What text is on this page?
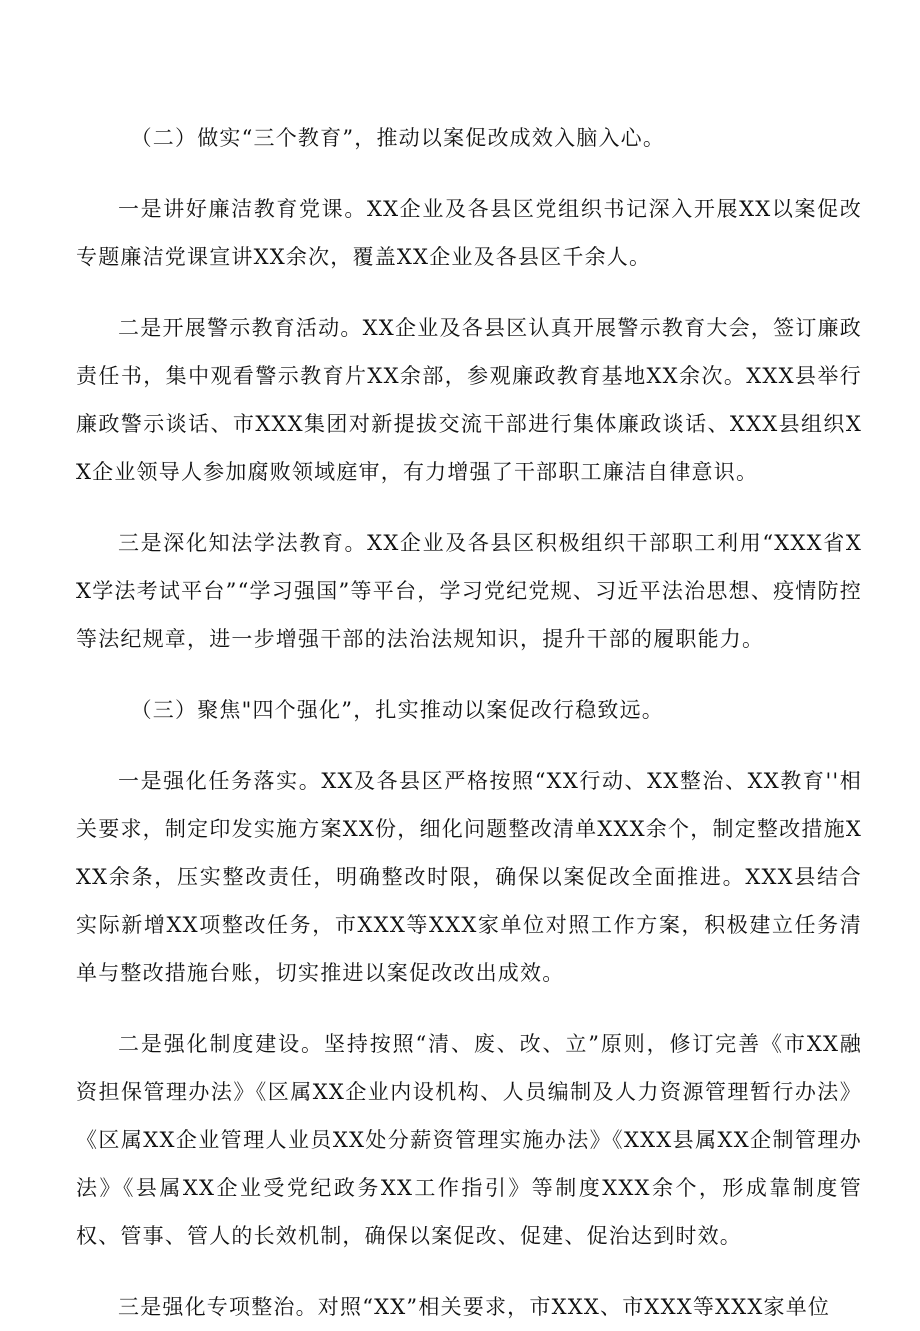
（二）做实“三个教育”，推动以案促改成效入脑入心。

一是讲好廉洁教育党课。XX企业及各县区党组织书记深入开展XX以案促改专题廉洁党课宣讲XX余次，覆盖XX企业及各县区千余人。

二是开展警示教育活动。XX企业及各县区认真开展警示教育大会，签订廉政责任书，集中观看警示教育片XX余部，参观廉政教育基地XX余次。XXX县举行廉政警示谈话、市XXX集团对新提拔交流干部进行集体廉政谈话、XXX县组织XX企业领导人参加腐败领域庭审，有力增强了干部职工廉洁自律意识。

三是深化知法学法教育。XX企业及各县区积极组织干部职工利用“XXX省XX学法考试平台”“学习强国”等平台，学习党纪党规、习近平法治思想、疫情防控等法纪规章，进一步增强干部的法治法规知识，提升干部的履职能力。

（三）聚焦"四个强化”，扎实推动以案促改行稳致远。

一是强化任务落实。XX及各县区严格按照“XX行动、XX整治、XX教育''相关要求，制定印发实施方案XX份，细化问题整改清单XXX余个，制定整改措施XXX余条，压实整改责任，明确整改时限，确保以案促改全面推进。XXX县结合实际新增XX项整改任务，市XXX等XXX家单位对照工作方案，积极建立任务清单与整改措施台账，切实推进以案促改改出成效。

二是强化制度建设。坚持按照“清、废、改、立”原则，修订完善《市XX融资担保管理办法》《区属XX企业内设机构、人员编制及人力资源管理暂行办法》《区属XX企业管理人业员XX处分薪资管理实施办法》《XXX县属XX企制管理办法》《县属XX企业受党纪政务XX工作指引》等制度XXX余个，形成靠制度管权、管事、管人的长效机制，确保以案促改、促建、促治达到时效。

三是强化专项整治。对照“XX”相关要求，市XXX、市XXX等XXX家单位
